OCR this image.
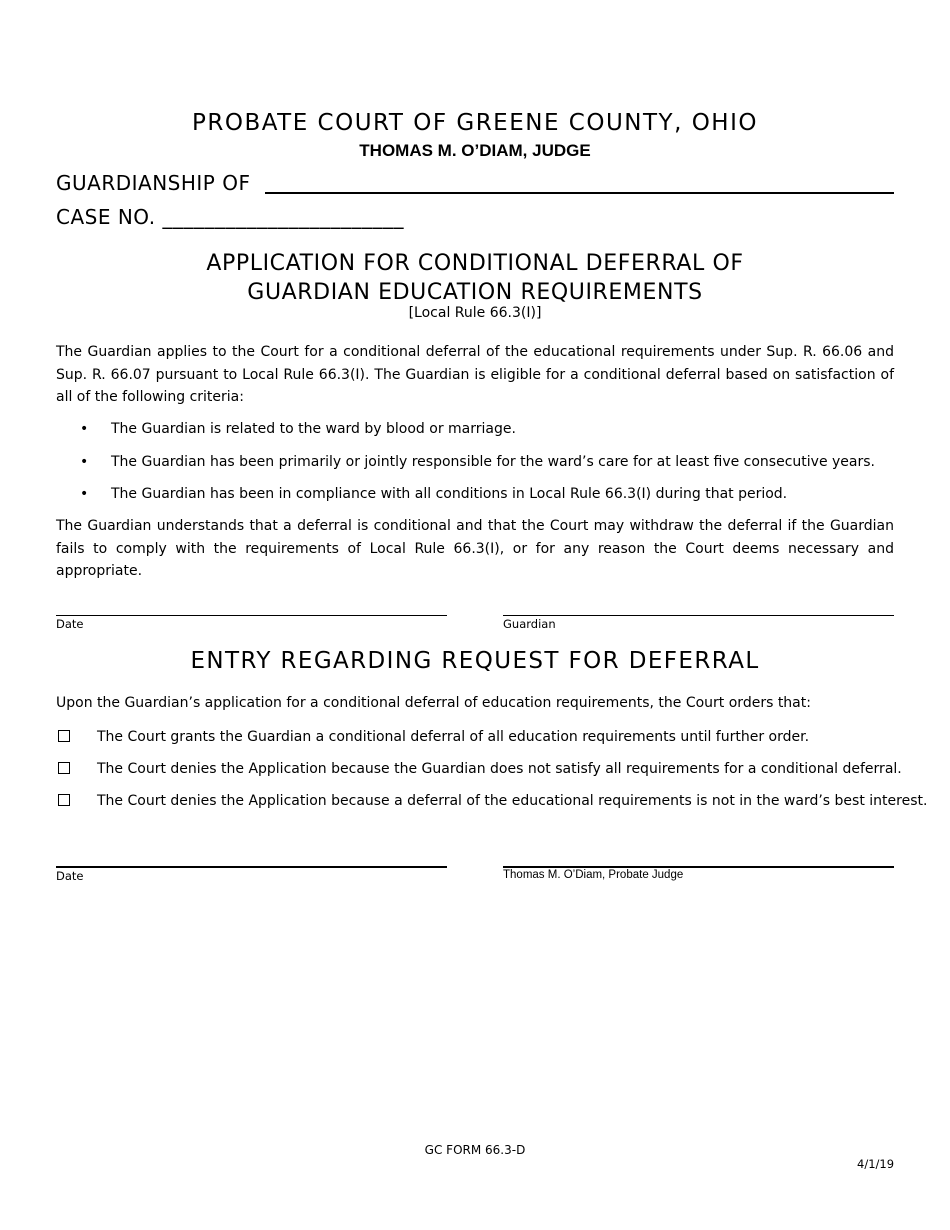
PROBATE COURT OF GREENE COUNTY, OHIO
THOMAS M. O’DIAM, JUDGE
GUARDIANSHIP OF
CASE NO. _______________________
APPLICATION FOR CONDITIONAL DEFERRAL OF
GUARDIAN EDUCATION REQUIREMENTS
[Local Rule 66.3(I)]
The Guardian applies to the Court for a conditional deferral of the educational requirements under Sup. R. 66.06 and Sup. R. 66.07 pursuant to Local Rule 66.3(I). The Guardian is eligible for a conditional deferral based on satisfaction of all of the following criteria:
• The Guardian is related to the ward by blood or marriage.
• The Guardian has been primarily or jointly responsible for the ward’s care for at least five consecutive years.
• The Guardian has been in compliance with all conditions in Local Rule 66.3(I) during that period.
The Guardian understands that a deferral is conditional and that the Court may withdraw the deferral if the Guardian fails to comply with the requirements of Local Rule 66.3(I), or for any reason the Court deems necessary and appropriate.
Date	Guardian
ENTRY REGARDING REQUEST FOR DEFERRAL
Upon the Guardian’s application for a conditional deferral of education requirements, the Court orders that:
The Court grants the Guardian a conditional deferral of all education requirements until further order.
The Court denies the Application because the Guardian does not satisfy all requirements for a conditional deferral.
The Court denies the Application because a deferral of the educational requirements is not in the ward’s best interest.
Date	Thomas M. O’Diam, Probate Judge
GC FORM 66.3-D
4/1/19
